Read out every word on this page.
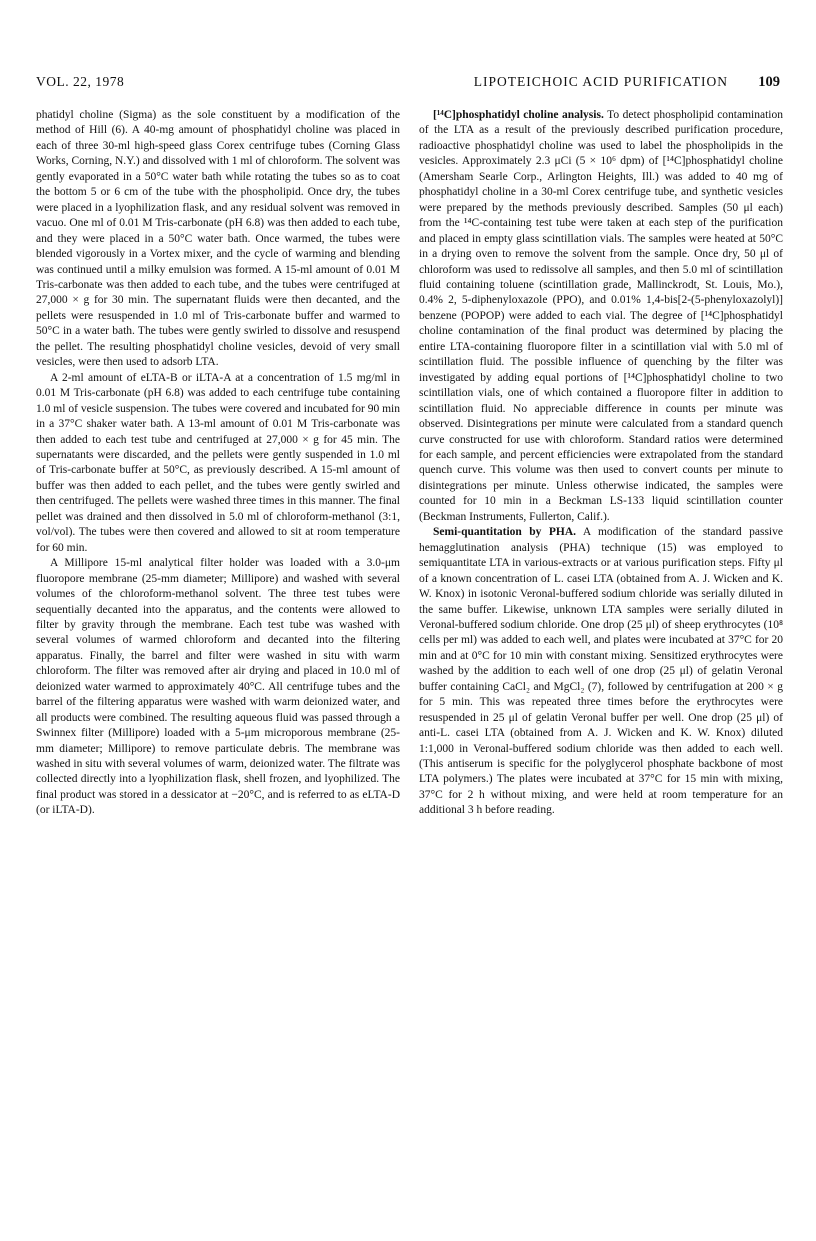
VOL. 22, 1978	LIPOTEICHOIC ACID PURIFICATION 109

phatidyl choline (Sigma) as the sole constituent by a modification of the method of Hill (6). A 40-mg amount of phosphatidyl choline was placed in each of three 30-ml high-speed glass Corex centrifuge tubes (Corning Glass Works, Corning, N.Y.) and dissolved with 1 ml of chloroform. The solvent was gently evaporated in a 50°C water bath while rotating the tubes so as to coat the bottom 5 or 6 cm of the tube with the phospholipid. Once dry, the tubes were placed in a lyophilization flask, and any residual solvent was removed in vacuo. One ml of 0.01 M Tris-carbonate (pH 6.8) was then added to each tube, and they were placed in a 50°C water bath. Once warmed, the tubes were blended vigorously in a Vortex mixer, and the cycle of warming and blending was continued until a milky emulsion was formed. A 15-ml amount of 0.01 M Tris-carbonate was then added to each tube, and the tubes were centrifuged at 27,000 × g for 30 min. The supernatant fluids were then decanted, and the pellets were resuspended in 1.0 ml of Tris-carbonate buffer and warmed to 50°C in a water bath. The tubes were gently swirled to dissolve and resuspend the pellet. The resulting phosphatidyl choline vesicles, devoid of very small vesicles, were then used to adsorb LTA.

A 2-ml amount of eLTA-B or iLTA-A at a concentration of 1.5 mg/ml in 0.01 M Tris-carbonate (pH 6.8) was added to each centrifuge tube containing 1.0 ml of vesicle suspension. The tubes were covered and incubated for 90 min in a 37°C shaker water bath. A 13-ml amount of 0.01 M Tris-carbonate was then added to each test tube and centrifuged at 27,000 × g for 45 min. The supernatants were discarded, and the pellets were gently suspended in 1.0 ml of Tris-carbonate buffer at 50°C, as previously described. A 15-ml amount of buffer was then added to each pellet, and the tubes were gently swirled and then centrifuged. The pellets were washed three times in this manner. The final pellet was drained and then dissolved in 5.0 ml of chloroform-methanol (3:1, vol/vol). The tubes were then covered and allowed to sit at room temperature for 60 min.

A Millipore 15-ml analytical filter holder was loaded with a 3.0-μm fluoropore membrane (25-mm diameter; Millipore) and washed with several volumes of the chloroform-methanol solvent. The three test tubes were sequentially decanted into the apparatus, and the contents were allowed to filter by gravity through the membrane. Each test tube was washed with several volumes of warmed chloroform and decanted into the filtering apparatus. Finally, the barrel and filter were washed in situ with warm chloroform. The filter was removed after air drying and placed in 10.0 ml of deionized water warmed to approximately 40°C. All centrifuge tubes and the barrel of the filtering apparatus were washed with warm deionized water, and all products were combined. The resulting aqueous fluid was passed through a Swinnex filter (Millipore) loaded with a 5-μm microporous membrane (25-mm diameter; Millipore) to remove particulate debris. The membrane was washed in situ with several volumes of warm, deionized water. The filtrate was collected directly into a lyophilization flask, shell frozen, and lyophilized. The final product was stored in a dessicator at −20°C, and is referred to as eLTA-D (or iLTA-D).

[¹⁴C]phosphatidyl choline analysis. To detect phospholipid contamination of the LTA as a result of the previously described purification procedure, radioactive phosphatidyl choline was used to label the phospholipids in the vesicles. Approximately 2.3 μCi (5 × 10⁶ dpm) of [¹⁴C]phosphatidyl choline (Amersham Searle Corp., Arlington Heights, Ill.) was added to 40 mg of phosphatidyl choline in a 30-ml Corex centrifuge tube, and synthetic vesicles were prepared by the methods previously described. Samples (50 μl each) from the ¹⁴C-containing test tube were taken at each step of the purification and placed in empty glass scintillation vials. The samples were heated at 50°C in a drying oven to remove the solvent from the sample. Once dry, 50 μl of chloroform was used to redissolve all samples, and then 5.0 ml of scintillation fluid containing toluene (scintillation grade, Mallinckrodt, St. Louis, Mo.), 0.4% 2, 5-diphenyloxazole (PPO), and 0.01% 1,4-bis[2-(5-phenyloxazolyl)] benzene (POPOP) were added to each vial. The degree of [¹⁴C]phosphatidyl choline contamination of the final product was determined by placing the entire LTA-containing fluoropore filter in a scintillation vial with 5.0 ml of scintillation fluid. The possible influence of quenching by the filter was investigated by adding equal portions of [¹⁴C]phosphatidyl choline to two scintillation vials, one of which contained a fluoropore filter in addition to scintillation fluid. No appreciable difference in counts per minute was observed. Disintegrations per minute were calculated from a standard quench curve constructed for use with chloroform. Standard ratios were determined for each sample, and percent efficiencies were extrapolated from the standard quench curve. This volume was then used to convert counts per minute to disintegrations per minute. Unless otherwise indicated, the samples were counted for 10 min in a Beckman LS-133 liquid scintillation counter (Beckman Instruments, Fullerton, Calif.).

Semi-quantitation by PHA. A modification of the standard passive hemagglutination analysis (PHA) technique (15) was employed to semiquantitate LTA in various-extracts or at various purification steps. Fifty μl of a known concentration of L. casei LTA (obtained from A. J. Wicken and K. W. Knox) in isotonic Veronal-buffered sodium chloride was serially diluted in the same buffer. Likewise, unknown LTA samples were serially diluted in Veronal-buffered sodium chloride. One drop (25 μl) of sheep erythrocytes (10⁸ cells per ml) was added to each well, and plates were incubated at 37°C for 20 min and at 0°C for 10 min with constant mixing. Sensitized erythrocytes were washed by the addition to each well of one drop (25 μl) of gelatin Veronal buffer containing CaCl₂ and MgCl₂ (7), followed by centrifugation at 200 × g for 5 min. This was repeated three times before the erythrocytes were resuspended in 25 μl of gelatin Veronal buffer per well. One drop (25 μl) of anti-L. casei LTA (obtained from A. J. Wicken and K. W. Knox) diluted 1:1,000 in Veronal-buffered sodium chloride was then added to each well. (This antiserum is specific for the polyglycerol phosphate backbone of most LTA polymers.) The plates were incubated at 37°C for 15 min with mixing, 37°C for 2 h without mixing, and were held at room temperature for an additional 3 h before reading.
